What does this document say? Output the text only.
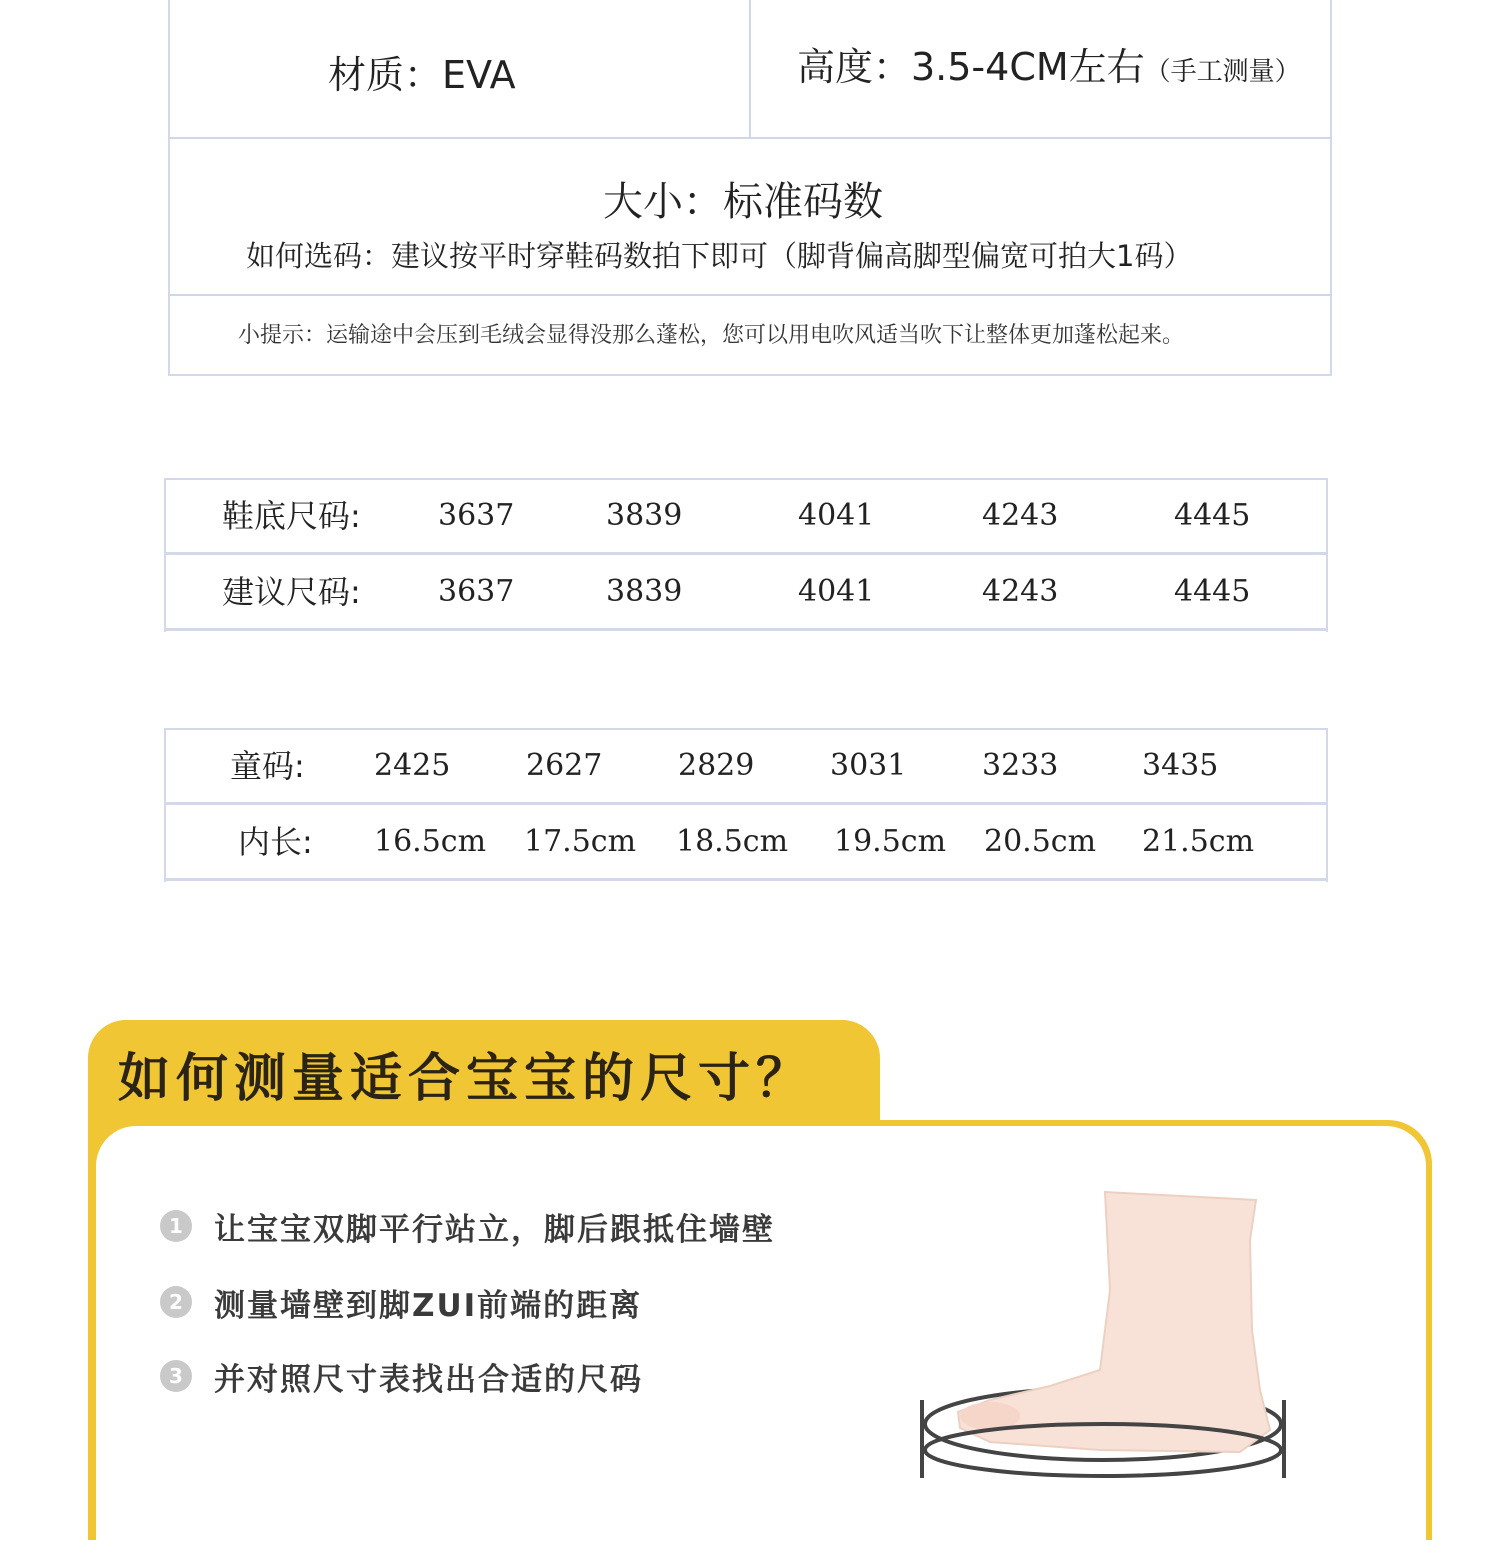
材质：EVA	高度：3.5-4CM左右（手工测量）
大小：标准码数
如何选码：建议按平时穿鞋码数拍下即可（脚背偏高脚型偏宽可拍大1码）
小提示：运输途中会压到毛绒会显得没那么蓬松，您可以用电吹风适当吹下让整体更加蓬松起来。
鞋底尺码:	3637	3839	4041	4243	4445
建议尺码:	3637	3839	4041	4243	4445
童码: 2425	2627	2829	3031	3233	3435
内长: 16.5cm 17.5cm 18.5cm 19.5cm 20.5cm 21.5cm
如何测量适合宝宝的尺寸？
1 让宝宝双脚平行站立，脚后跟抵住墙壁
2 测量墙壁到脚ZUI前端的距离
3 并对照尺寸表找出合适的尺码
